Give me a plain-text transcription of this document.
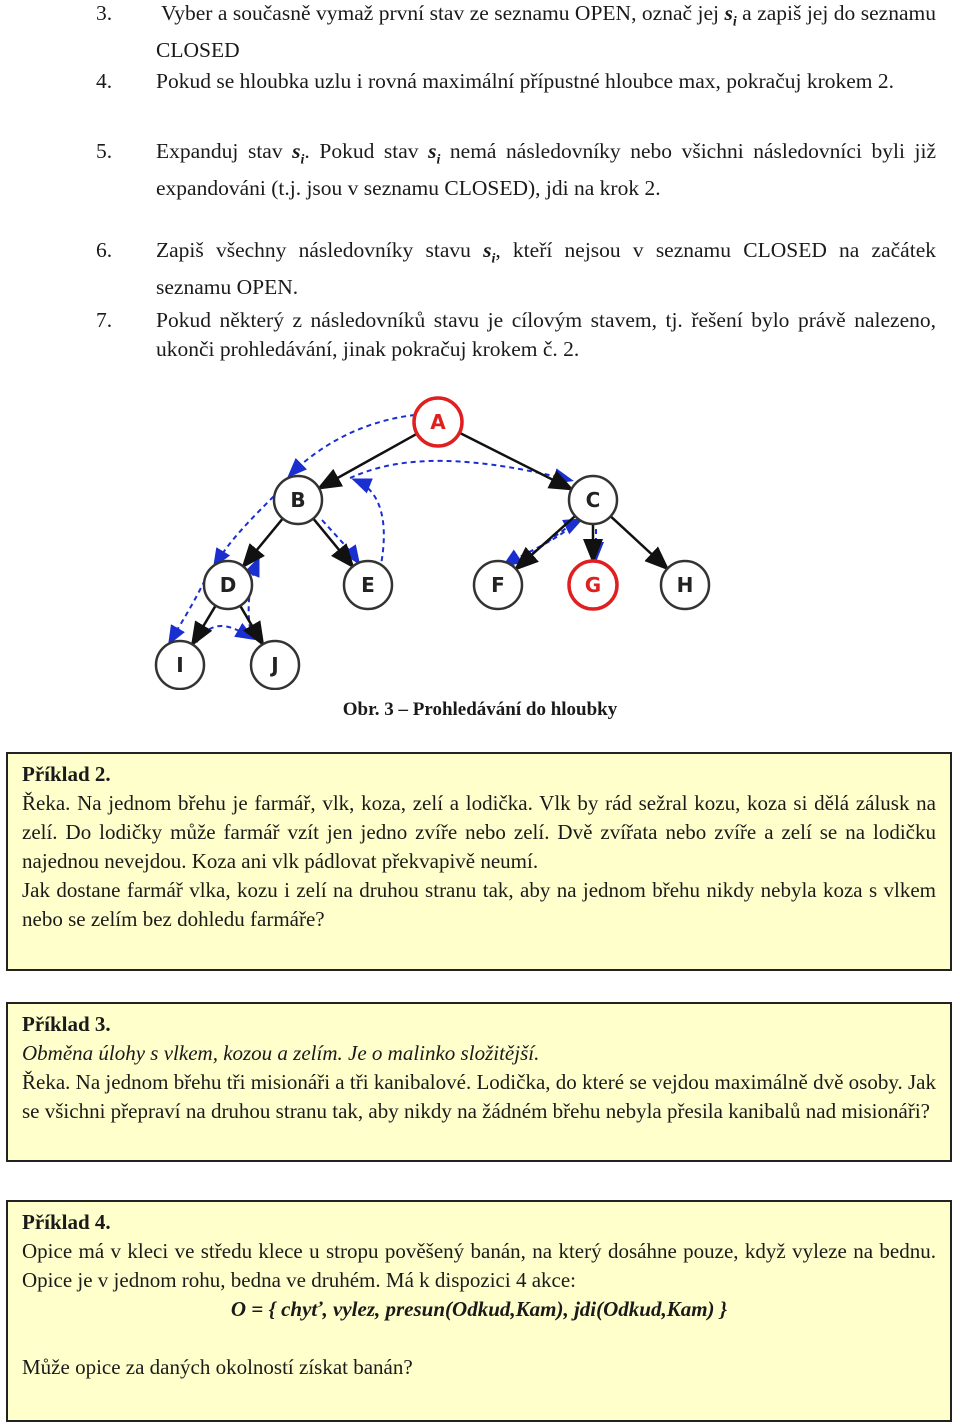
3.	Vyber a současně vymaž první stav ze seznamu OPEN, označ jej $s_i$ a zapiš jej do seznamu CLOSED
4.	Pokud se hloubka uzlu i rovná maximální přípustné hloubce max, pokračuj krokem 2.
5.	Expanduj stav $s_i$. Pokud stav $s_i$ nemá následovníky nebo všichni následovníci byli již expandováni (t.j. jsou v seznamu CLOSED), jdi na krok 2.
6.	Zapiš všechny následovníky stavu $s_i$, kteří nejsou v seznamu CLOSED na začátek seznamu OPEN.
7.	Pokud některý z následovníků stavu je cílovým stavem, tj. řešení bylo právě nalezeno, ukonči prohledávání, jinak pokračuj krokem č. 2.
A
B	C
D	E	F	G	H
I	J
Obr. 3 – Prohledávání do hloubky

Příklad 2.

Řeka. Na jednom břehu je farmář, vlk, koza, zelí a lodička. Vlk by rád sežral kozu, koza si dělá zálusk na zelí. Do lodičky může farmář vzít jen jedno zvíře nebo zelí. Dvě zvířata nebo zvíře a zelí se na lodičku najednou nevejdou. Koza ani vlk pádlovat překvapivě neumí.

Jak dostane farmář vlka, kozu i zelí na druhou stranu tak, aby na jednom břehu nikdy nebyla koza s vlkem nebo se zelím bez dohledu farmáře?

Příklad 3.

Obměna úlohy s vlkem, kozou a zelím. Je o malinko složitější.

Řeka. Na jednom břehu tři misionáři a tři kanibalové. Lodička, do které se vejdou maximálně dvě osoby. Jak se všichni přepraví na druhou stranu tak, aby nikdy na žádném břehu nebyla přesila kanibalů nad misionáři?

Příklad 4.

Opice má v kleci ve středu klece u stropu pověšený banán, na který dosáhne pouze, když vyleze na bednu. Opice je v jednom rohu, bedna ve druhém. Má k dispozici 4 akce:

O = { chyť, vylez, presun(Odkud,Kam), jdi(Odkud,Kam) }

Může opice za daných okolností získat banán?
